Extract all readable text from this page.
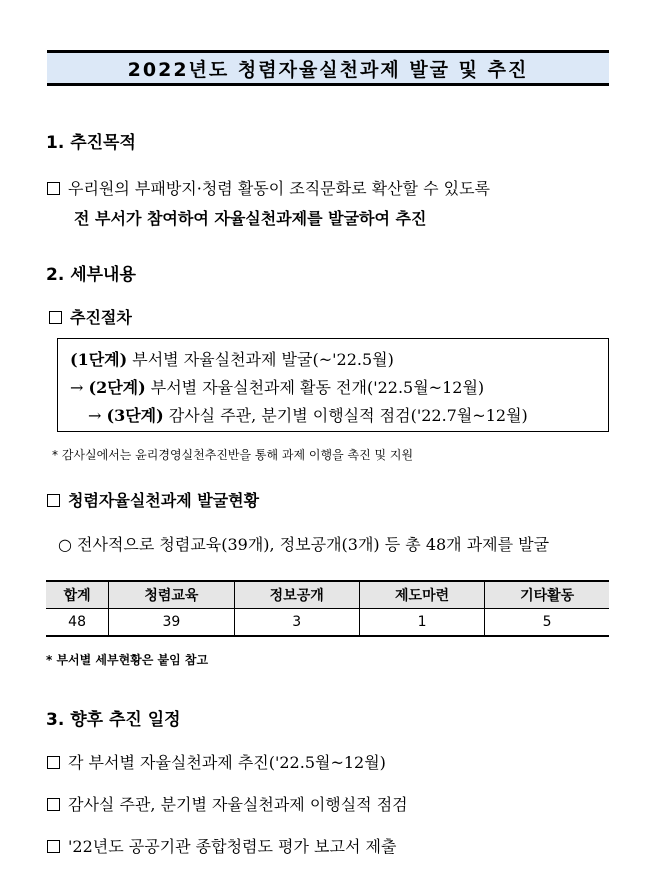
2022년도 청렴자율실천과제 발굴 및 추진
1. 추진목적
우리원의 부패방지·청렴 활동이 조직문화로 확산할 수 있도록
전 부서가 참여하여 자율실천과제를 발굴하여 추진
2. 세부내용
추진절차
(1단계) 부서별 자율실천과제 발굴(~'22.5월)
→ (2단계) 부서별 자율실천과제 활동 전개('22.5월~12월)
→ (3단계) 감사실 주관, 분기별 이행실적 점검('22.7월~12월)
* 감사실에서는 윤리경영실천추진반을 통해 과제 이행을 촉진 및 지원
청렴자율실천과제 발굴현황
○ 전사적으로 청렴교육(39개), 정보공개(3개) 등 총 48개 과제를 발굴
합계	청렴교육	정보공개	제도마련	기타활동
48	39	3	1	5
* 부서별 세부현황은 붙임 참고
3. 향후 추진 일정
각 부서별 자율실천과제 추진('22.5월~12월)
감사실 주관, 분기별 자율실천과제 이행실적 점검
'22년도 공공기관 종합청렴도 평가 보고서 제출
